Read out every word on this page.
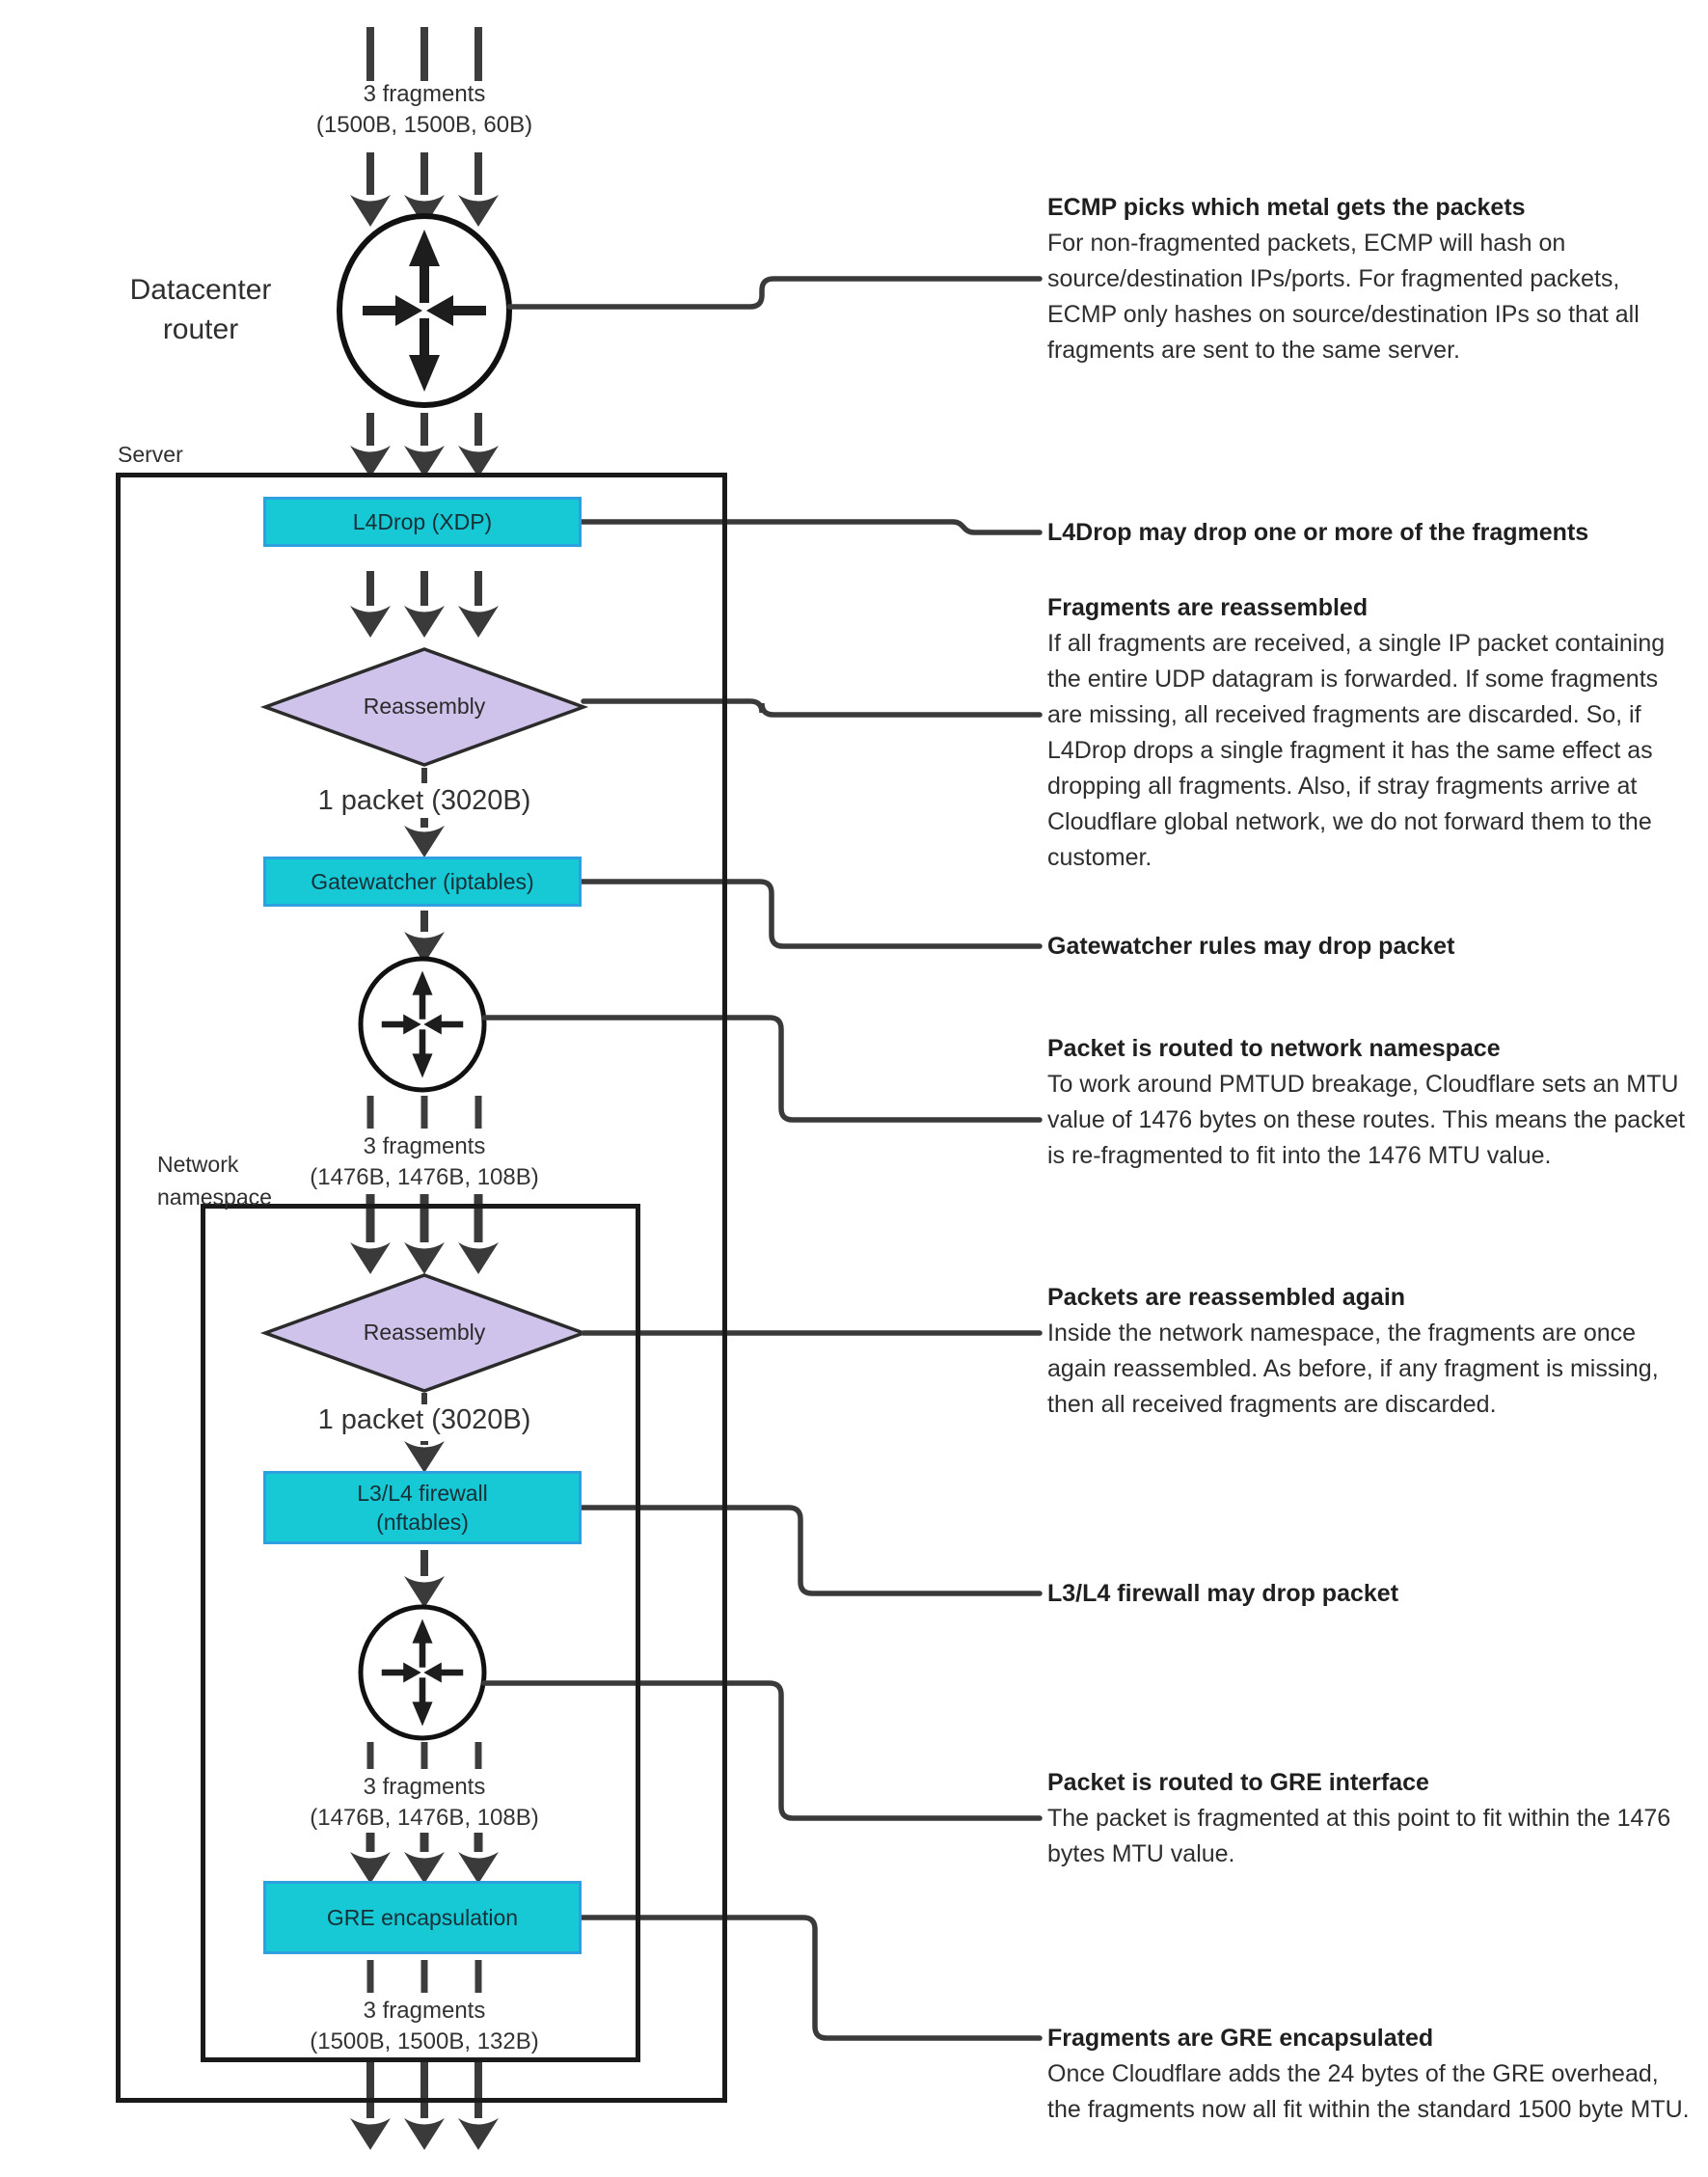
3 fragments
(1500B, 1500B, 60B)
Datacenter router
Server
L4Drop (XDP)
Reassembly
1 packet (3020B)
Gatewatcher (iptables)
3 fragments
(1476B, 1476B, 108B)
Network namespace
Reassembly
1 packet (3020B)
L3/L4 firewall
(nftables)
3 fragments
(1476B, 1476B, 108B)
GRE encapsulation
3 fragments
(1500B, 1500B, 132B)
ECMP picks which metal gets the packets
For non-fragmented packets, ECMP will hash on source/destination IPs/ports. For fragmented packets, ECMP only hashes on source/destination IPs so that all fragments are sent to the same server.
L4Drop may drop one or more of the fragments
Fragments are reassembled
If all fragments are received, a single IP packet containing the entire UDP datagram is forwarded. If some fragments are missing, all received fragments are discarded. So, if L4Drop drops a single fragment it has the same effect as dropping all fragments. Also, if stray fragments arrive at Cloudflare global network, we do not forward them to the customer.
Gatewatcher rules may drop packet
Packet is routed to network namespace
To work around PMTUD breakage, Cloudflare sets an MTU value of 1476 bytes on these routes. This means the packet is re-fragmented to fit into the 1476 MTU value.
Packets are reassembled again
Inside the network namespace, the fragments are once again reassembled. As before, if any fragment is missing, then all received fragments are discarded.
L3/L4 firewall may drop packet
Packet is routed to GRE interface
The packet is fragmented at this point to fit within the 1476 bytes MTU value.
Fragments are GRE encapsulated
Once Cloudflare adds the 24 bytes of the GRE overhead, the fragments now all fit within the standard 1500 byte MTU.
